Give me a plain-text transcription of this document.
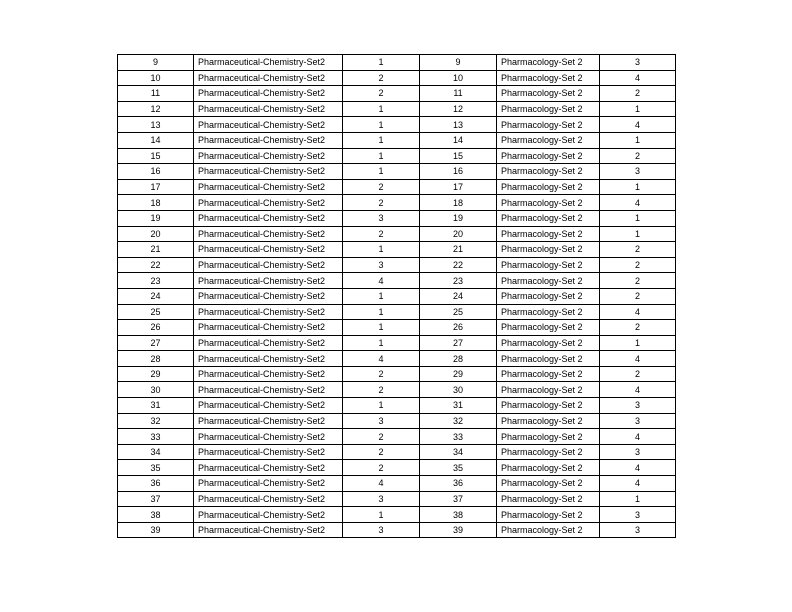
9	Pharmaceutical-Chemistry-Set2	1	9	Pharmacology-Set 2	3
10	Pharmaceutical-Chemistry-Set2	2	10	Pharmacology-Set 2	4
11	Pharmaceutical-Chemistry-Set2	2	11	Pharmacology-Set 2	2
12	Pharmaceutical-Chemistry-Set2	1	12	Pharmacology-Set 2	1
13	Pharmaceutical-Chemistry-Set2	1	13	Pharmacology-Set 2	4
14	Pharmaceutical-Chemistry-Set2	1	14	Pharmacology-Set 2	1
15	Pharmaceutical-Chemistry-Set2	1	15	Pharmacology-Set 2	2
16	Pharmaceutical-Chemistry-Set2	1	16	Pharmacology-Set 2	3
17	Pharmaceutical-Chemistry-Set2	2	17	Pharmacology-Set 2	1
18	Pharmaceutical-Chemistry-Set2	2	18	Pharmacology-Set 2	4
19	Pharmaceutical-Chemistry-Set2	3	19	Pharmacology-Set 2	1
20	Pharmaceutical-Chemistry-Set2	2	20	Pharmacology-Set 2	1
21	Pharmaceutical-Chemistry-Set2	1	21	Pharmacology-Set 2	2
22	Pharmaceutical-Chemistry-Set2	3	22	Pharmacology-Set 2	2
23	Pharmaceutical-Chemistry-Set2	4	23	Pharmacology-Set 2	2
24	Pharmaceutical-Chemistry-Set2	1	24	Pharmacology-Set 2	2
25	Pharmaceutical-Chemistry-Set2	1	25	Pharmacology-Set 2	4
26	Pharmaceutical-Chemistry-Set2	1	26	Pharmacology-Set 2	2
27	Pharmaceutical-Chemistry-Set2	1	27	Pharmacology-Set 2	1
28	Pharmaceutical-Chemistry-Set2	4	28	Pharmacology-Set 2	4
29	Pharmaceutical-Chemistry-Set2	2	29	Pharmacology-Set 2	2
30	Pharmaceutical-Chemistry-Set2	2	30	Pharmacology-Set 2	4
31	Pharmaceutical-Chemistry-Set2	1	31	Pharmacology-Set 2	3
32	Pharmaceutical-Chemistry-Set2	3	32	Pharmacology-Set 2	3
33	Pharmaceutical-Chemistry-Set2	2	33	Pharmacology-Set 2	4
34	Pharmaceutical-Chemistry-Set2	2	34	Pharmacology-Set 2	3
35	Pharmaceutical-Chemistry-Set2	2	35	Pharmacology-Set 2	4
36	Pharmaceutical-Chemistry-Set2	4	36	Pharmacology-Set 2	4
37	Pharmaceutical-Chemistry-Set2	3	37	Pharmacology-Set 2	1
38	Pharmaceutical-Chemistry-Set2	1	38	Pharmacology-Set 2	3
39	Pharmaceutical-Chemistry-Set2	3	39	Pharmacology-Set 2	3
